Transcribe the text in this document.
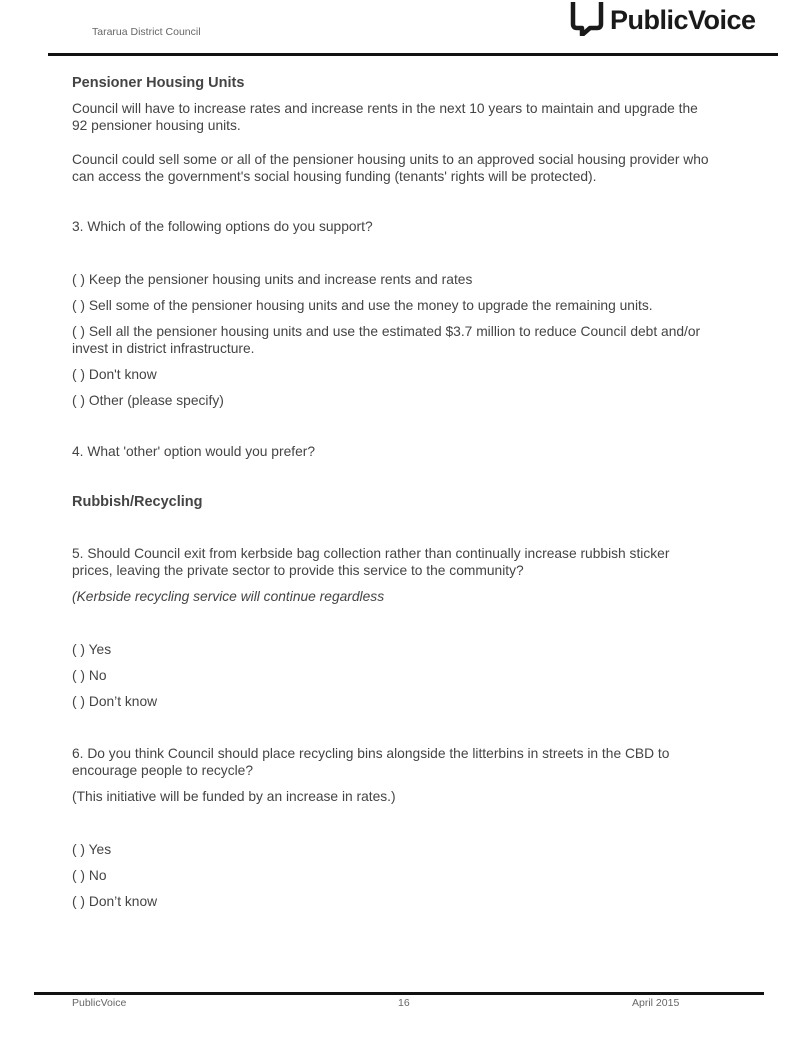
Tararua District Council	PublicVoice
Pensioner Housing Units
Council will have to increase rates and increase rents in the next 10 years to maintain and upgrade the 92 pensioner housing units.
Council could sell some or all of the pensioner housing units to an approved social housing provider who can access the government's social housing funding (tenants' rights will be protected).
3. Which of the following options do you support?
( ) Keep the pensioner housing units and increase rents and rates
( ) Sell some of the pensioner housing units and use the money to upgrade the remaining units.
( ) Sell all the pensioner housing units and use the estimated $3.7 million to reduce Council debt and/or invest in district infrastructure.
( ) Don't know
( ) Other (please specify)
4. What 'other' option would you prefer?
Rubbish/Recycling
5. Should Council exit from kerbside bag collection rather than continually increase rubbish sticker prices, leaving the private sector to provide this service to the community?
(Kerbside recycling service will continue regardless
( ) Yes
( ) No
( ) Don’t know
6. Do you think Council should place recycling bins alongside the litterbins in streets in the CBD to encourage people to recycle?
(This initiative will be funded by an increase in rates.)
( ) Yes
( ) No
( ) Don’t know
PublicVoice	16	April 2015
